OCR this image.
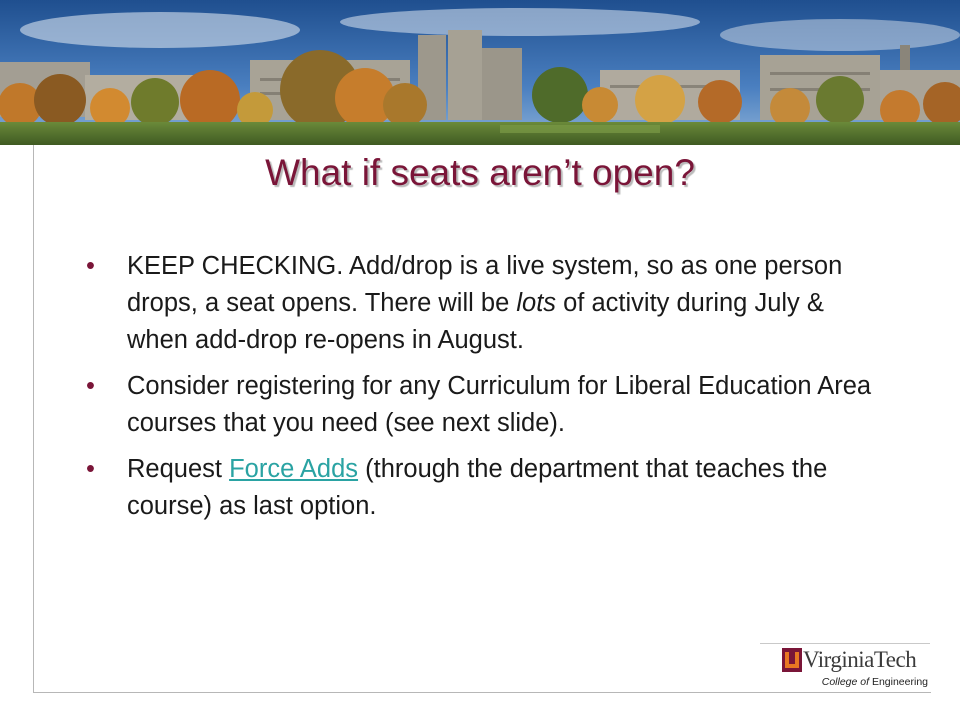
What if seats aren’t open?
• KEEP CHECKING. Add/drop is a live system, so as one person drops, a seat opens. There will be lots of activity during July & when add-drop re-opens in August.
• Consider registering for any Curriculum for Liberal Education Area courses that you need (see next slide).
• Request Force Adds (through the department that teaches the course) as last option.
VirginiaTech
College of Engineering
